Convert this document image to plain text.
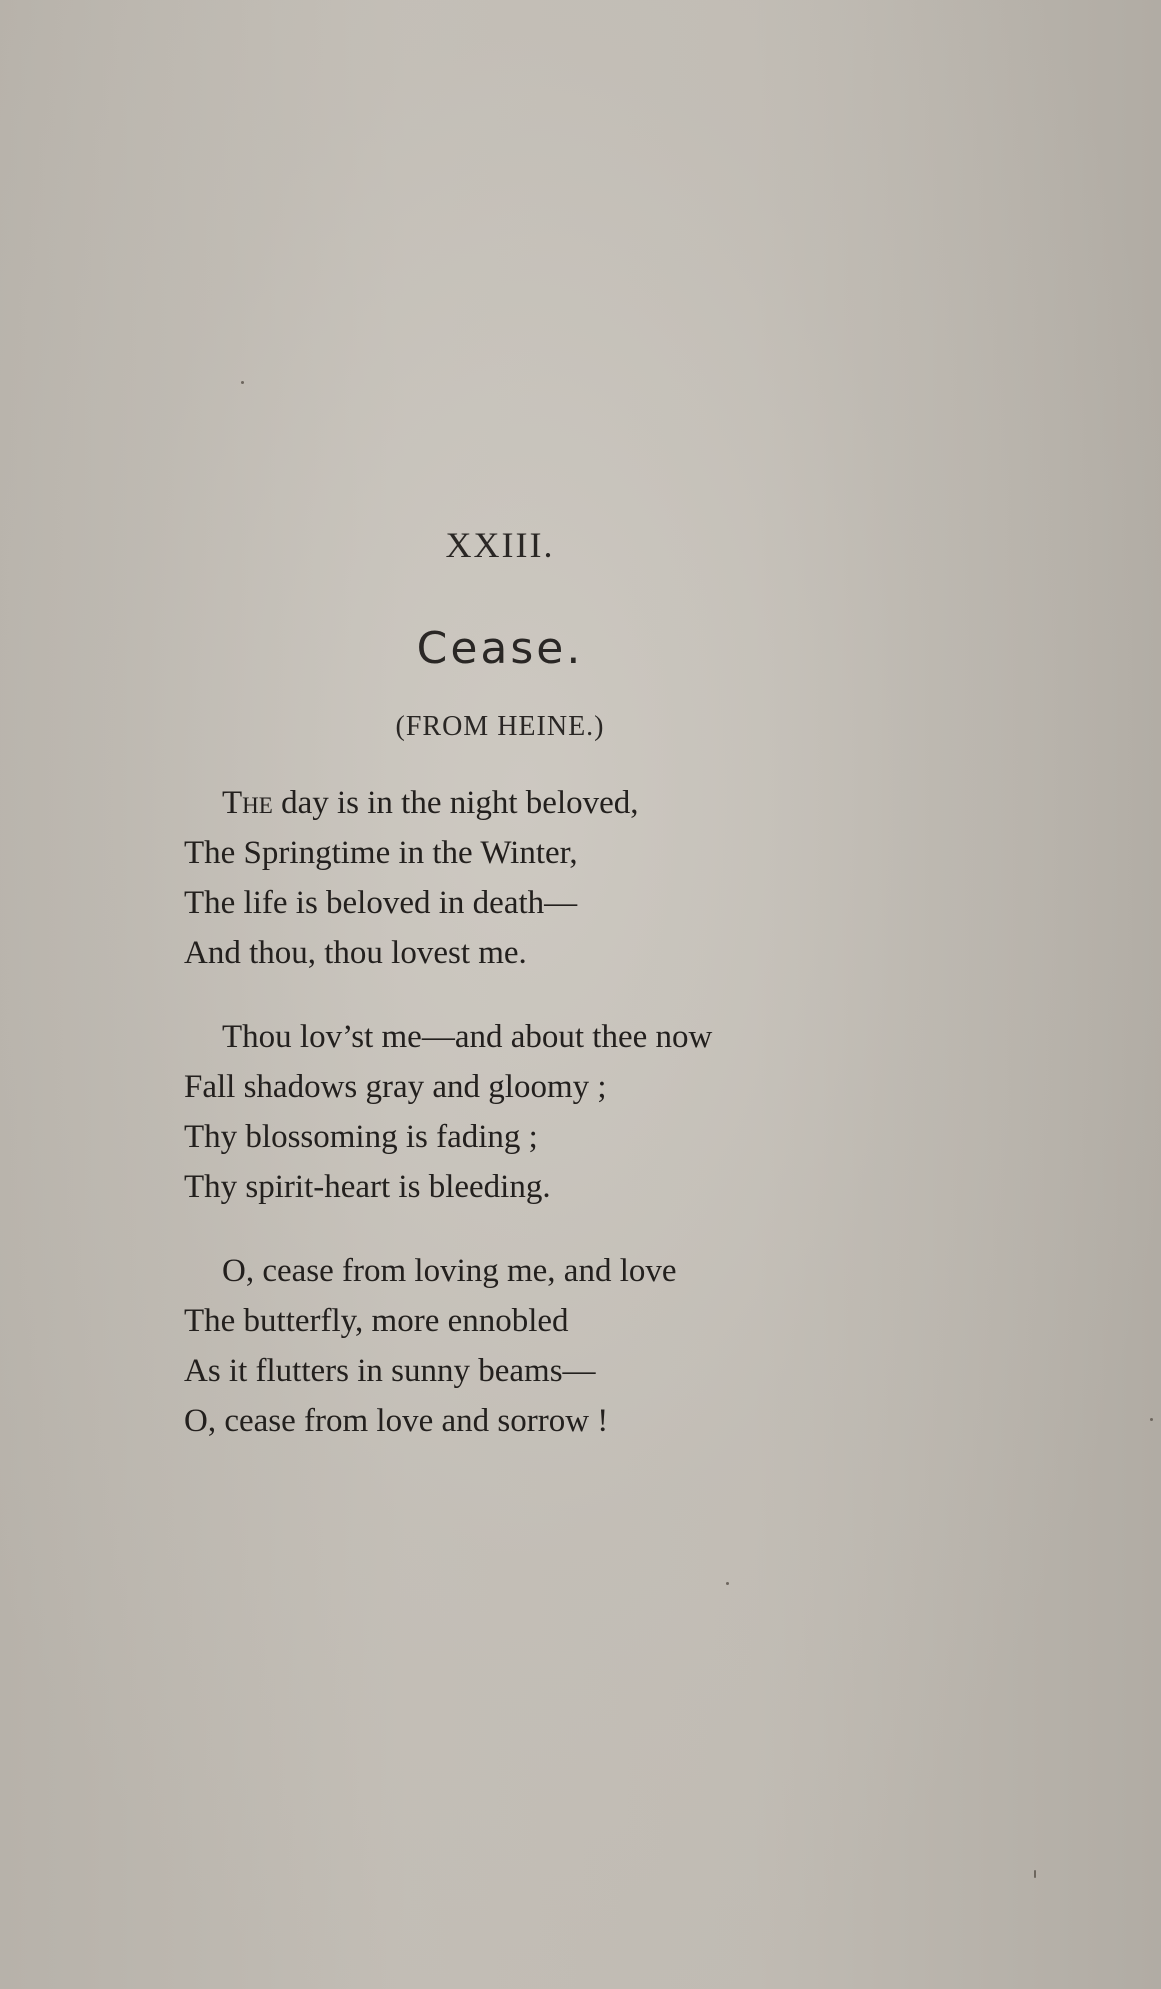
XXIII.
Cease.
(FROM HEINE.)
The day is in the night beloved,
The Springtime in the Winter,
The life is beloved in death—
And thou, thou lovest me.
Thou lov’st me—and about thee now
Fall shadows gray and gloomy ;
Thy blossoming is fading ;
Thy spirit-heart is bleeding.
O, cease from loving me, and love
The butterfly, more ennobled
As it flutters in sunny beams—
O, cease from love and sorrow !
